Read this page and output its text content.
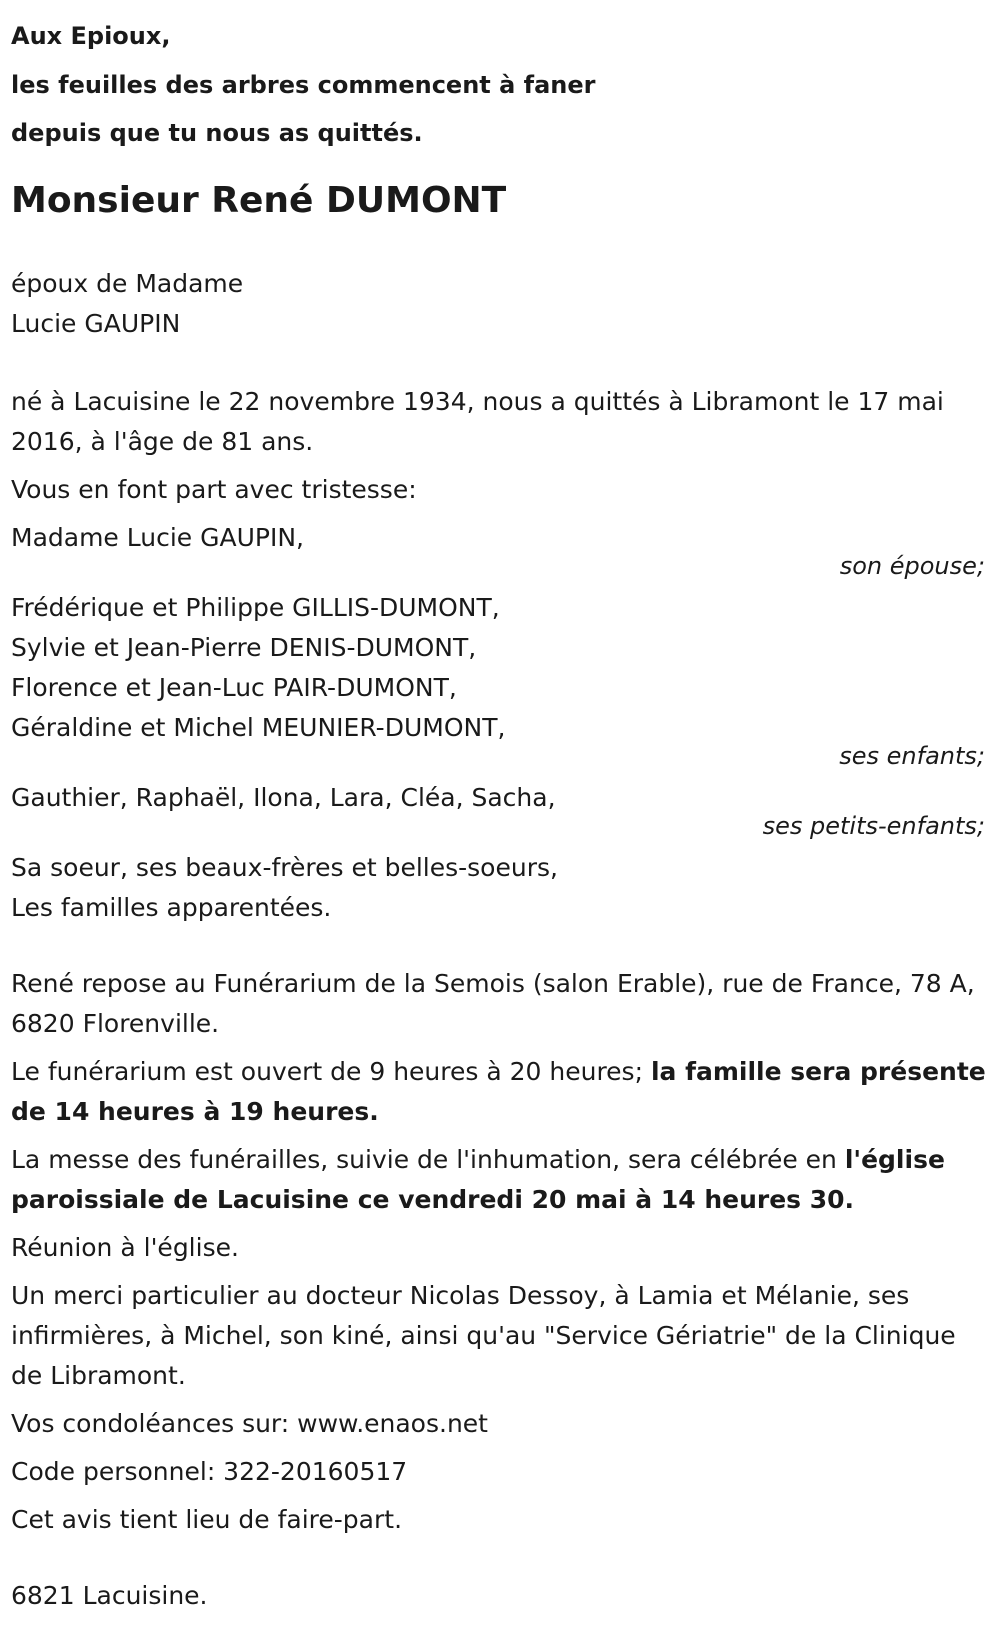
Aux Epioux,
les feuilles des arbres commencent à faner
depuis que tu nous as quittés.
Monsieur René DUMONT
époux de Madame
Lucie GAUPIN

né à Lacuisine le 22 novembre 1934, nous a quittés à Libramont le 17 mai 2016, à l'âge de 81 ans.

Vous en font part avec tristesse:

Madame Lucie GAUPIN,
son épouse;
Frédérique et Philippe GILLIS-DUMONT,
Sylvie et Jean-Pierre DENIS-DUMONT,
Florence et Jean-Luc PAIR-DUMONT,
Géraldine et Michel MEUNIER-DUMONT,
ses enfants;
Gauthier, Raphaël, Ilona, Lara, Cléa, Sacha,
ses petits-enfants;
Sa soeur, ses beaux-frères et belles-soeurs,
Les familles apparentées.

René repose au Funérarium de la Semois (salon Erable), rue de France, 78 A, 6820 Florenville.

Le funérarium est ouvert de 9 heures à 20 heures; la famille sera présente de 14 heures à 19 heures.

La messe des funérailles, suivie de l'inhumation, sera célébrée en l'église paroissiale de Lacuisine ce vendredi 20 mai à 14 heures 30.

Réunion à l'église.

Un merci particulier au docteur Nicolas Dessoy, à Lamia et Mélanie, ses infirmières, à Michel, son kiné, ainsi qu'au "Service Gériatrie" de la Clinique de Libramont.

Vos condoléances sur: www.enaos.net

Code personnel: 322-20160517

Cet avis tient lieu de faire-part.

6821 Lacuisine.
